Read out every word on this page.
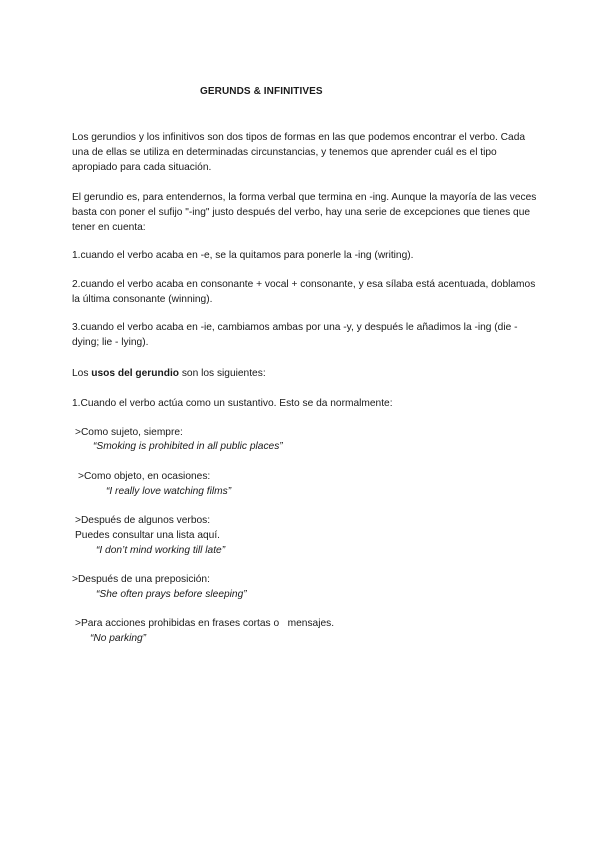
GERUNDS & INFINITIVES

Los gerundios y los infinitivos son dos tipos de formas en las que podemos encontrar el verbo. Cada una de ellas se utiliza en determinadas circunstancias, y tenemos que aprender cuál es el tipo apropiado para cada situación.

El gerundio es, para entendernos, la forma verbal que termina en -ing. Aunque la mayoría de las veces basta con poner el sufijo "-ing" justo después del verbo, hay una serie de excepciones que tienes que tener en cuenta:

1.cuando el verbo acaba en -e, se la quitamos para ponerle la -ing (writing).

2.cuando el verbo acaba en consonante + vocal + consonante, y esa sílaba está acentuada, doblamos la última consonante (winning).

3.cuando el verbo acaba en -ie, cambiamos ambas por una -y, y después le añadimos la -ing (die - dying; lie - lying).

Los usos del gerundio son los siguientes:

1.Cuando el verbo actúa como un sustantivo. Esto se da normalmente:

>Como sujeto, siempre:
“Smoking is prohibited in all public places”
>Como objeto, en ocasiones:
“I really love watching films”
>Después de algunos verbos:
Puedes consultar una lista aquí.
“I don’t mind working till late”
>Después de una preposición:
“She often prays before sleeping”
>Para acciones prohibidas en frases cortas o   mensajes.
“No parking”
